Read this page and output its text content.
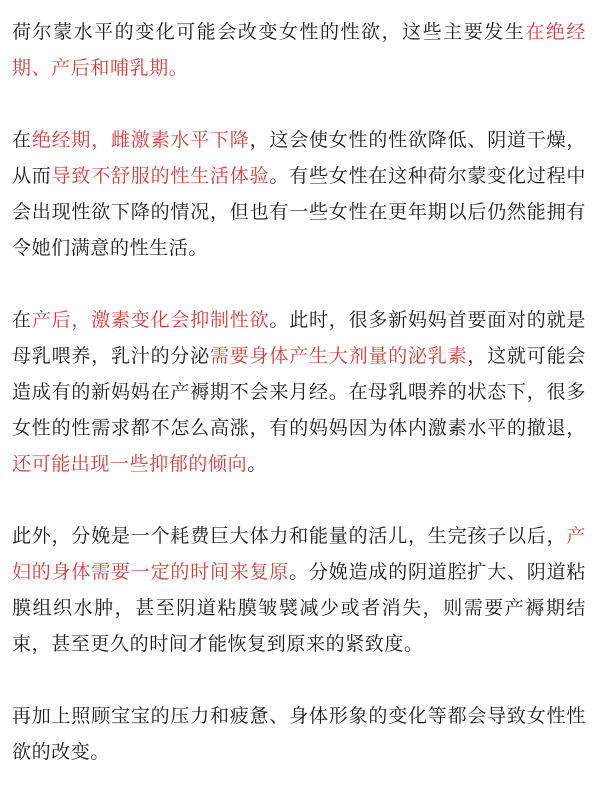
荷尔蒙水平的变化可能会改变女性的性欲，这些主要发生在绝经期、产后和哺乳期。

在绝经期，雌激素水平下降，这会使女性的性欲降低、阴道干燥，从而导致不舒服的性生活体验。有些女性在这种荷尔蒙变化过程中会出现性欲下降的情况，但也有一些女性在更年期以后仍然能拥有令她们满意的性生活。

在产后，激素变化会抑制性欲。此时，很多新妈妈首要面对的就是母乳喂养，乳汁的分泌需要身体产生大剂量的泌乳素，这就可能会造成有的新妈妈在产褥期不会来月经。在母乳喂养的状态下，很多女性的性需求都不怎么高涨，有的妈妈因为体内激素水平的撤退，还可能出现一些抑郁的倾向。

此外，分娩是一个耗费巨大体力和能量的活儿，生完孩子以后，产妇的身体需要一定的时间来复原。分娩造成的阴道腔扩大、阴道粘膜组织水肿，甚至阴道粘膜皱襞减少或者消失，则需要产褥期结束，甚至更久的时间才能恢复到原来的紧致度。

再加上照顾宝宝的压力和疲惫、身体形象的变化等都会导致女性性欲的改变。
